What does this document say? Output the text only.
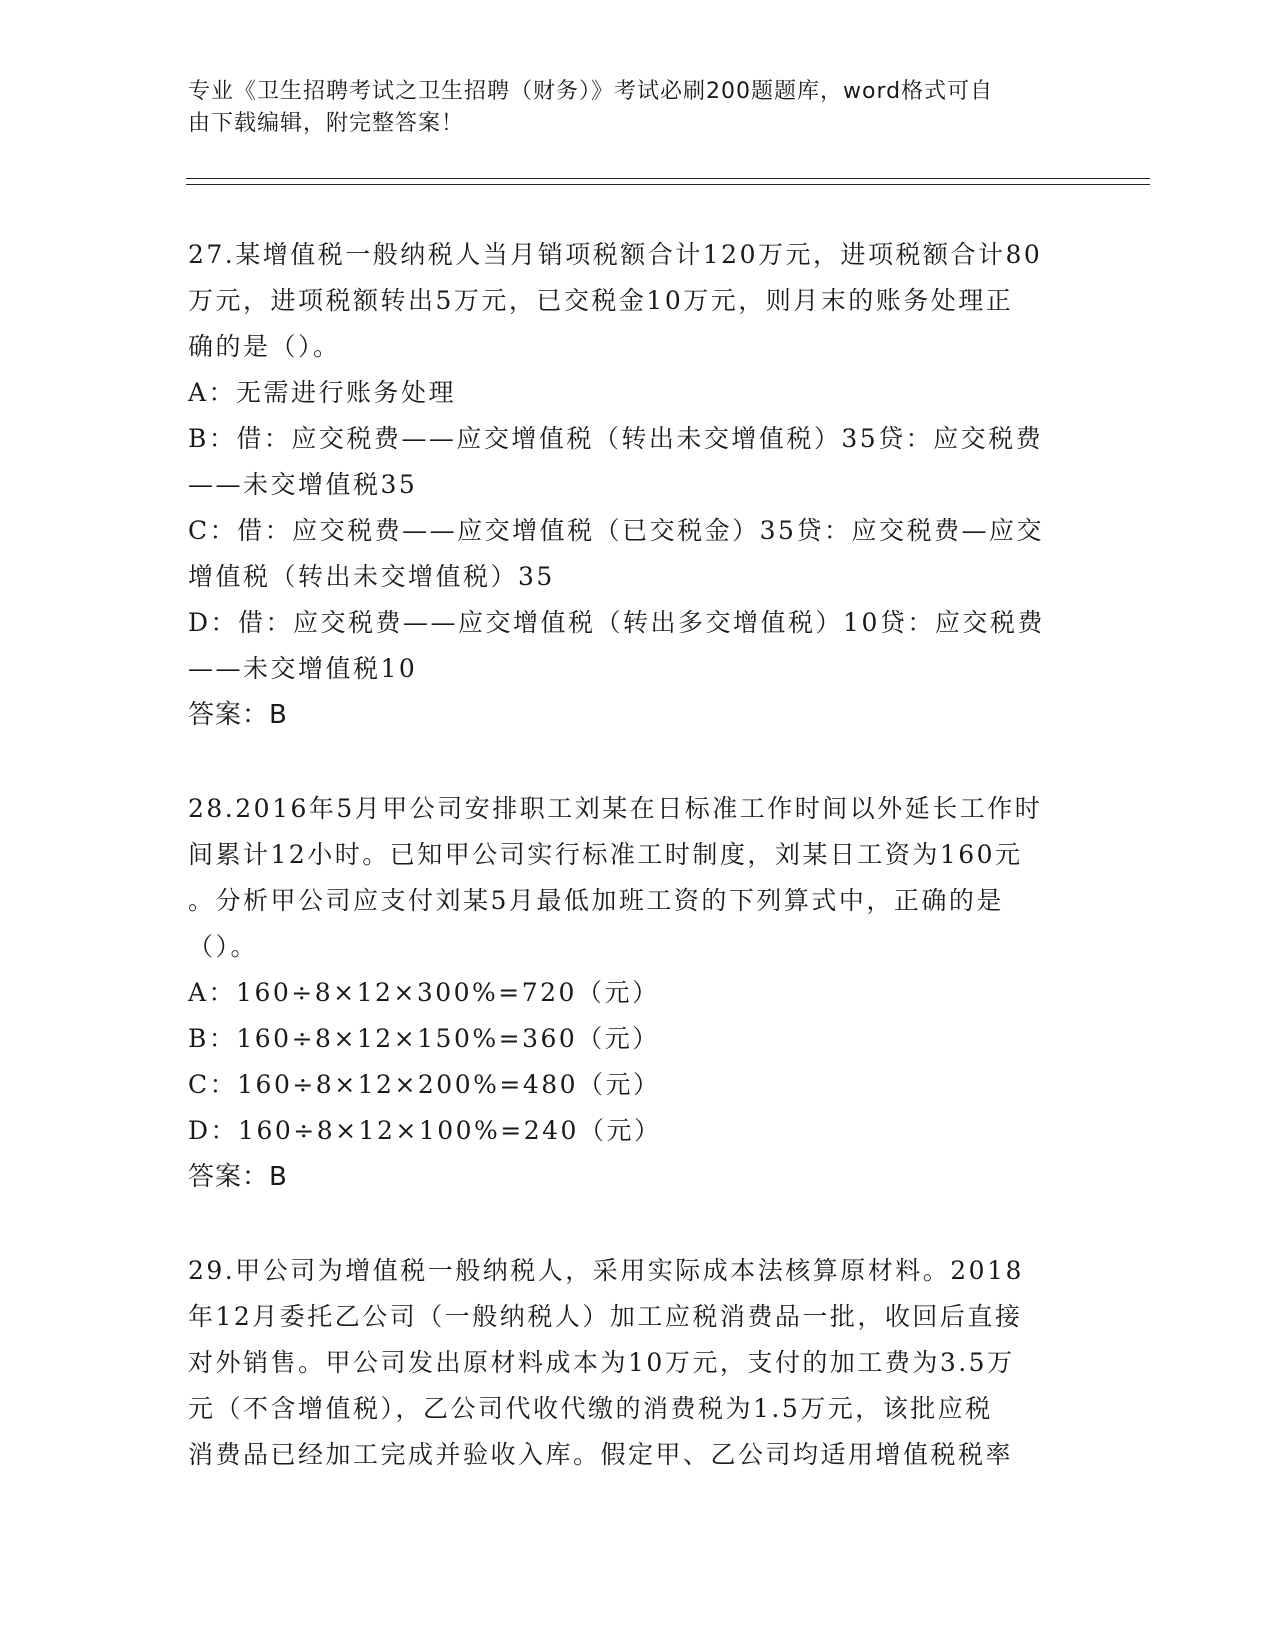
专业《卫生招聘考试之卫生招聘（财务）》考试必刷200题题库，word格式可自
由下载编辑，附完整答案！
27.某增值税一般纳税人当月销项税额合计120万元，进项税额合计80
万元，进项税额转出5万元，已交税金10万元，则月末的账务处理正
确的是（）。
A：无需进行账务处理
B：借：应交税费——应交增值税（转出未交增值税）35贷：应交税费
——未交增值税35
C：借：应交税费——应交增值税（已交税金）35贷：应交税费—应交
增值税（转出未交增值税）35
D：借：应交税费——应交增值税（转出多交增值税）10贷：应交税费
——未交增值税10
答案：B
28.2016年5月甲公司安排职工刘某在日标准工作时间以外延长工作时
间累计12小时。已知甲公司实行标准工时制度，刘某日工资为160元
。分析甲公司应支付刘某5月最低加班工资的下列算式中，正确的是
（）。
A：160÷8×12×300%=720（元）
B：160÷8×12×150%=360（元）
C：160÷8×12×200%=480（元）
D：160÷8×12×100%=240（元）
答案：B
29.甲公司为增值税一般纳税人，采用实际成本法核算原材料。2018
年12月委托乙公司（一般纳税人）加工应税消费品一批，收回后直接
对外销售。甲公司发出原材料成本为10万元，支付的加工费为3.5万
元（不含增值税），乙公司代收代缴的消费税为1.5万元，该批应税
消费品已经加工完成并验收入库。假定甲、乙公司均适用增值税税率
